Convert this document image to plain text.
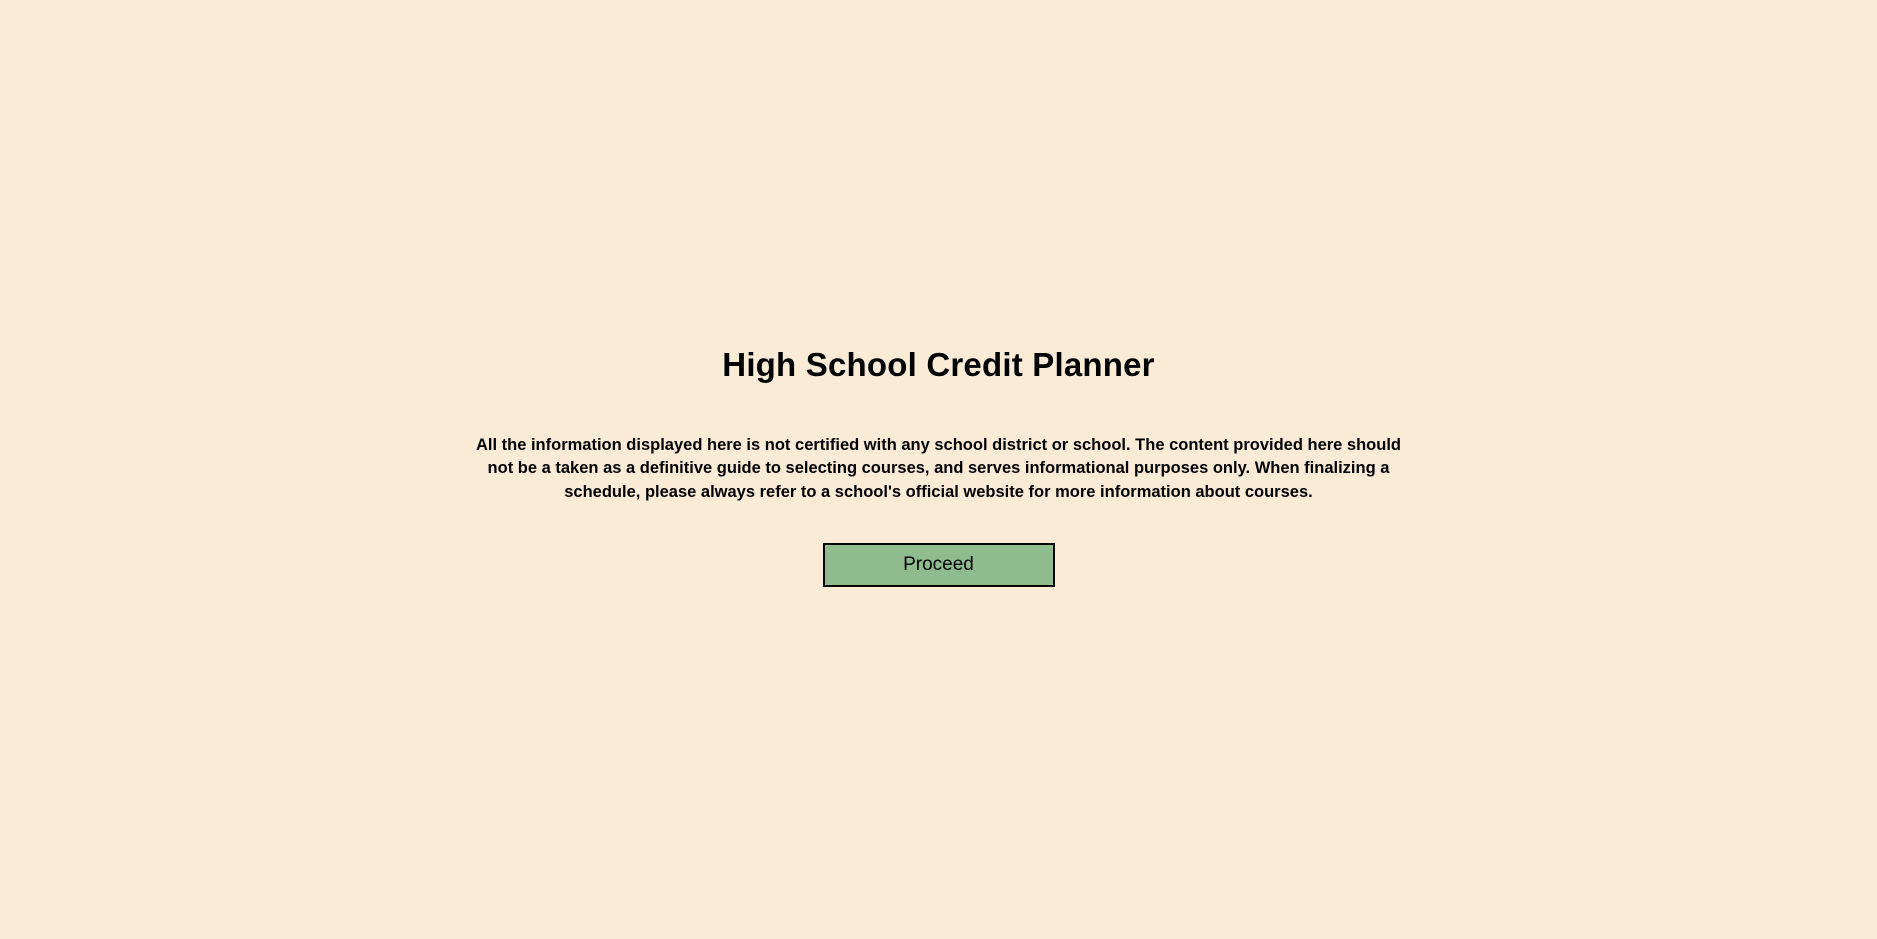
High School Credit Planner

All the information displayed here is not certified with any school district or school. The content provided here should not be a taken as a definitive guide to selecting courses, and serves informational purposes only. When finalizing a schedule, please always refer to a school's official website for more information about courses.

Proceed
